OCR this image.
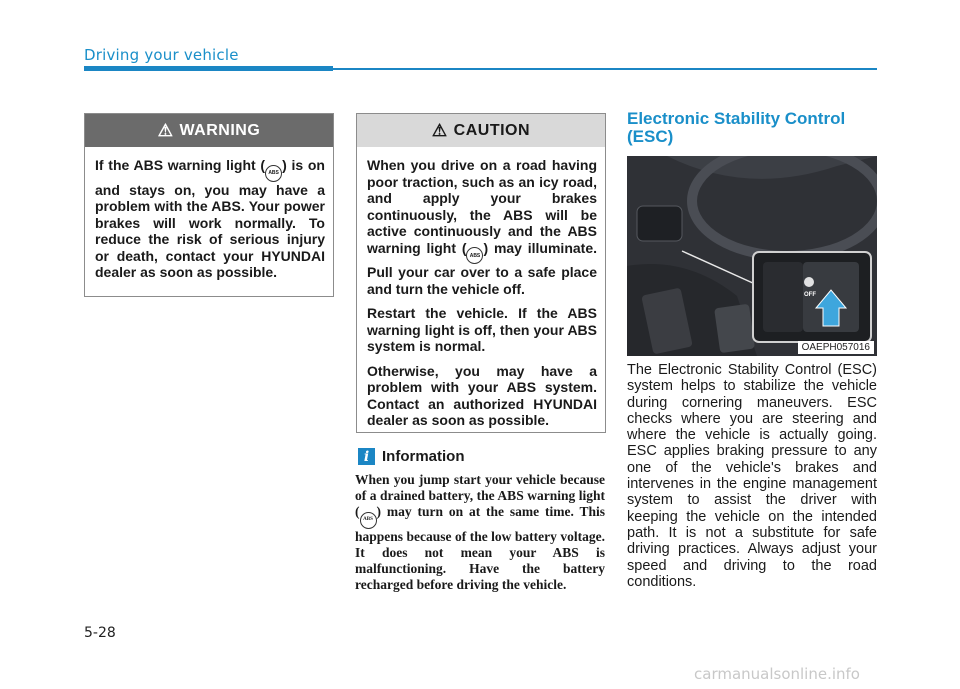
Driving your vehicle
⚠ WARNING

If the ABS warning light ( ABS ) is on and stays on, you may have a problem with the ABS. Your power brakes will work normally. To reduce the risk of serious injury or death, contact your HYUNDAI dealer as soon as possible.

⚠ CAUTION

When you drive on a road having poor traction, such as an icy road, and apply your brakes continuously, the ABS will be active continuously and the ABS warning light ( ABS ) may illuminate. Pull your car over to a safe place and turn the vehicle off.

Restart the vehicle. If the ABS warning light is off, then your ABS system is normal.

Otherwise, you may have a problem with your ABS system. Contact an authorized HYUNDAI dealer as soon as possible.

i Information
When you jump start your vehicle because of a drained battery, the ABS warning light (ABS) may turn on at the same time. This happens because of the low battery voltage. It does not mean your ABS is malfunctioning. Have the battery recharged before driving the vehicle.
Electronic Stability Control (ESC)
OFF
OAEPH057016
The Electronic Stability Control (ESC) system helps to stabilize the vehicle during cornering maneuvers. ESC checks where you are steering and where the vehicle is actually going. ESC applies braking pressure to any one of the vehicle's brakes and intervenes in the engine management system to assist the driver with keeping the vehicle on the intended path. It is not a substitute for safe driving practices. Always adjust your speed and driving to the road conditions.
5-28
carmanualsonline.info
